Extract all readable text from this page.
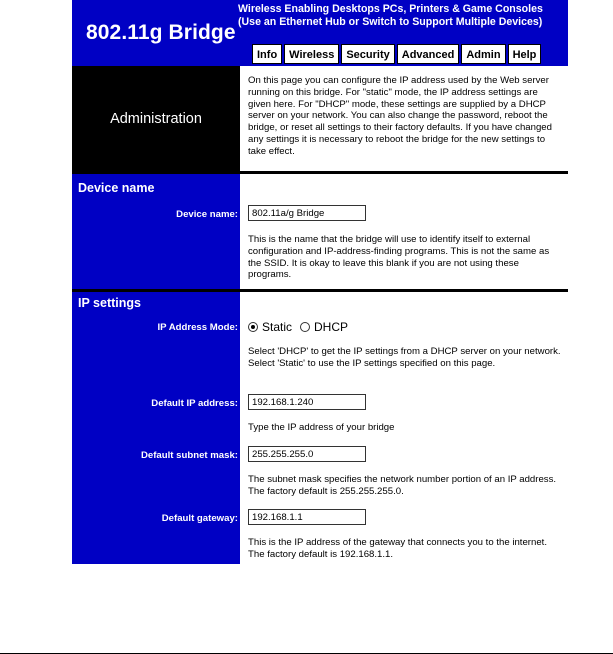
802.11g Bridge
Wireless Enabling Desktops PCs, Printers & Game Consoles
(Use an Ethernet Hub or Switch to Support Multiple Devices)
Info	Wireless	Security	Advanced	Admin	Help
Administration
On this page you can configure the IP address used by the Web server running on this bridge. For "static" mode, the IP address settings are given here. For "DHCP" mode, these settings are supplied by a DHCP server on your network. You can also change the password, reboot the bridge, or reset all settings to their factory defaults. If you have changed any settings it is necessary to reboot the bridge for the new settings to take effect.
Device name
Device name:
802.11a/g Bridge
This is the name that the bridge will use to identify itself to external configuration and IP-address-finding programs. This is not the same as the SSID. It is okay to leave this blank if you are not using these programs.
IP settings
IP Address Mode: Static DHCP
Select 'DHCP' to get the IP settings from a DHCP server on your network. Select 'Static' to use the IP settings specified on this page.
Default IP address:
192.168.1.240
Type the IP address of your bridge
Default subnet mask:
255.255.255.0
The subnet mask specifies the network number portion of an IP address. The factory default is 255.255.255.0.
Default gateway:
192.168.1.1
This is the IP address of the gateway that connects you to the internet. The factory default is 192.168.1.1.
